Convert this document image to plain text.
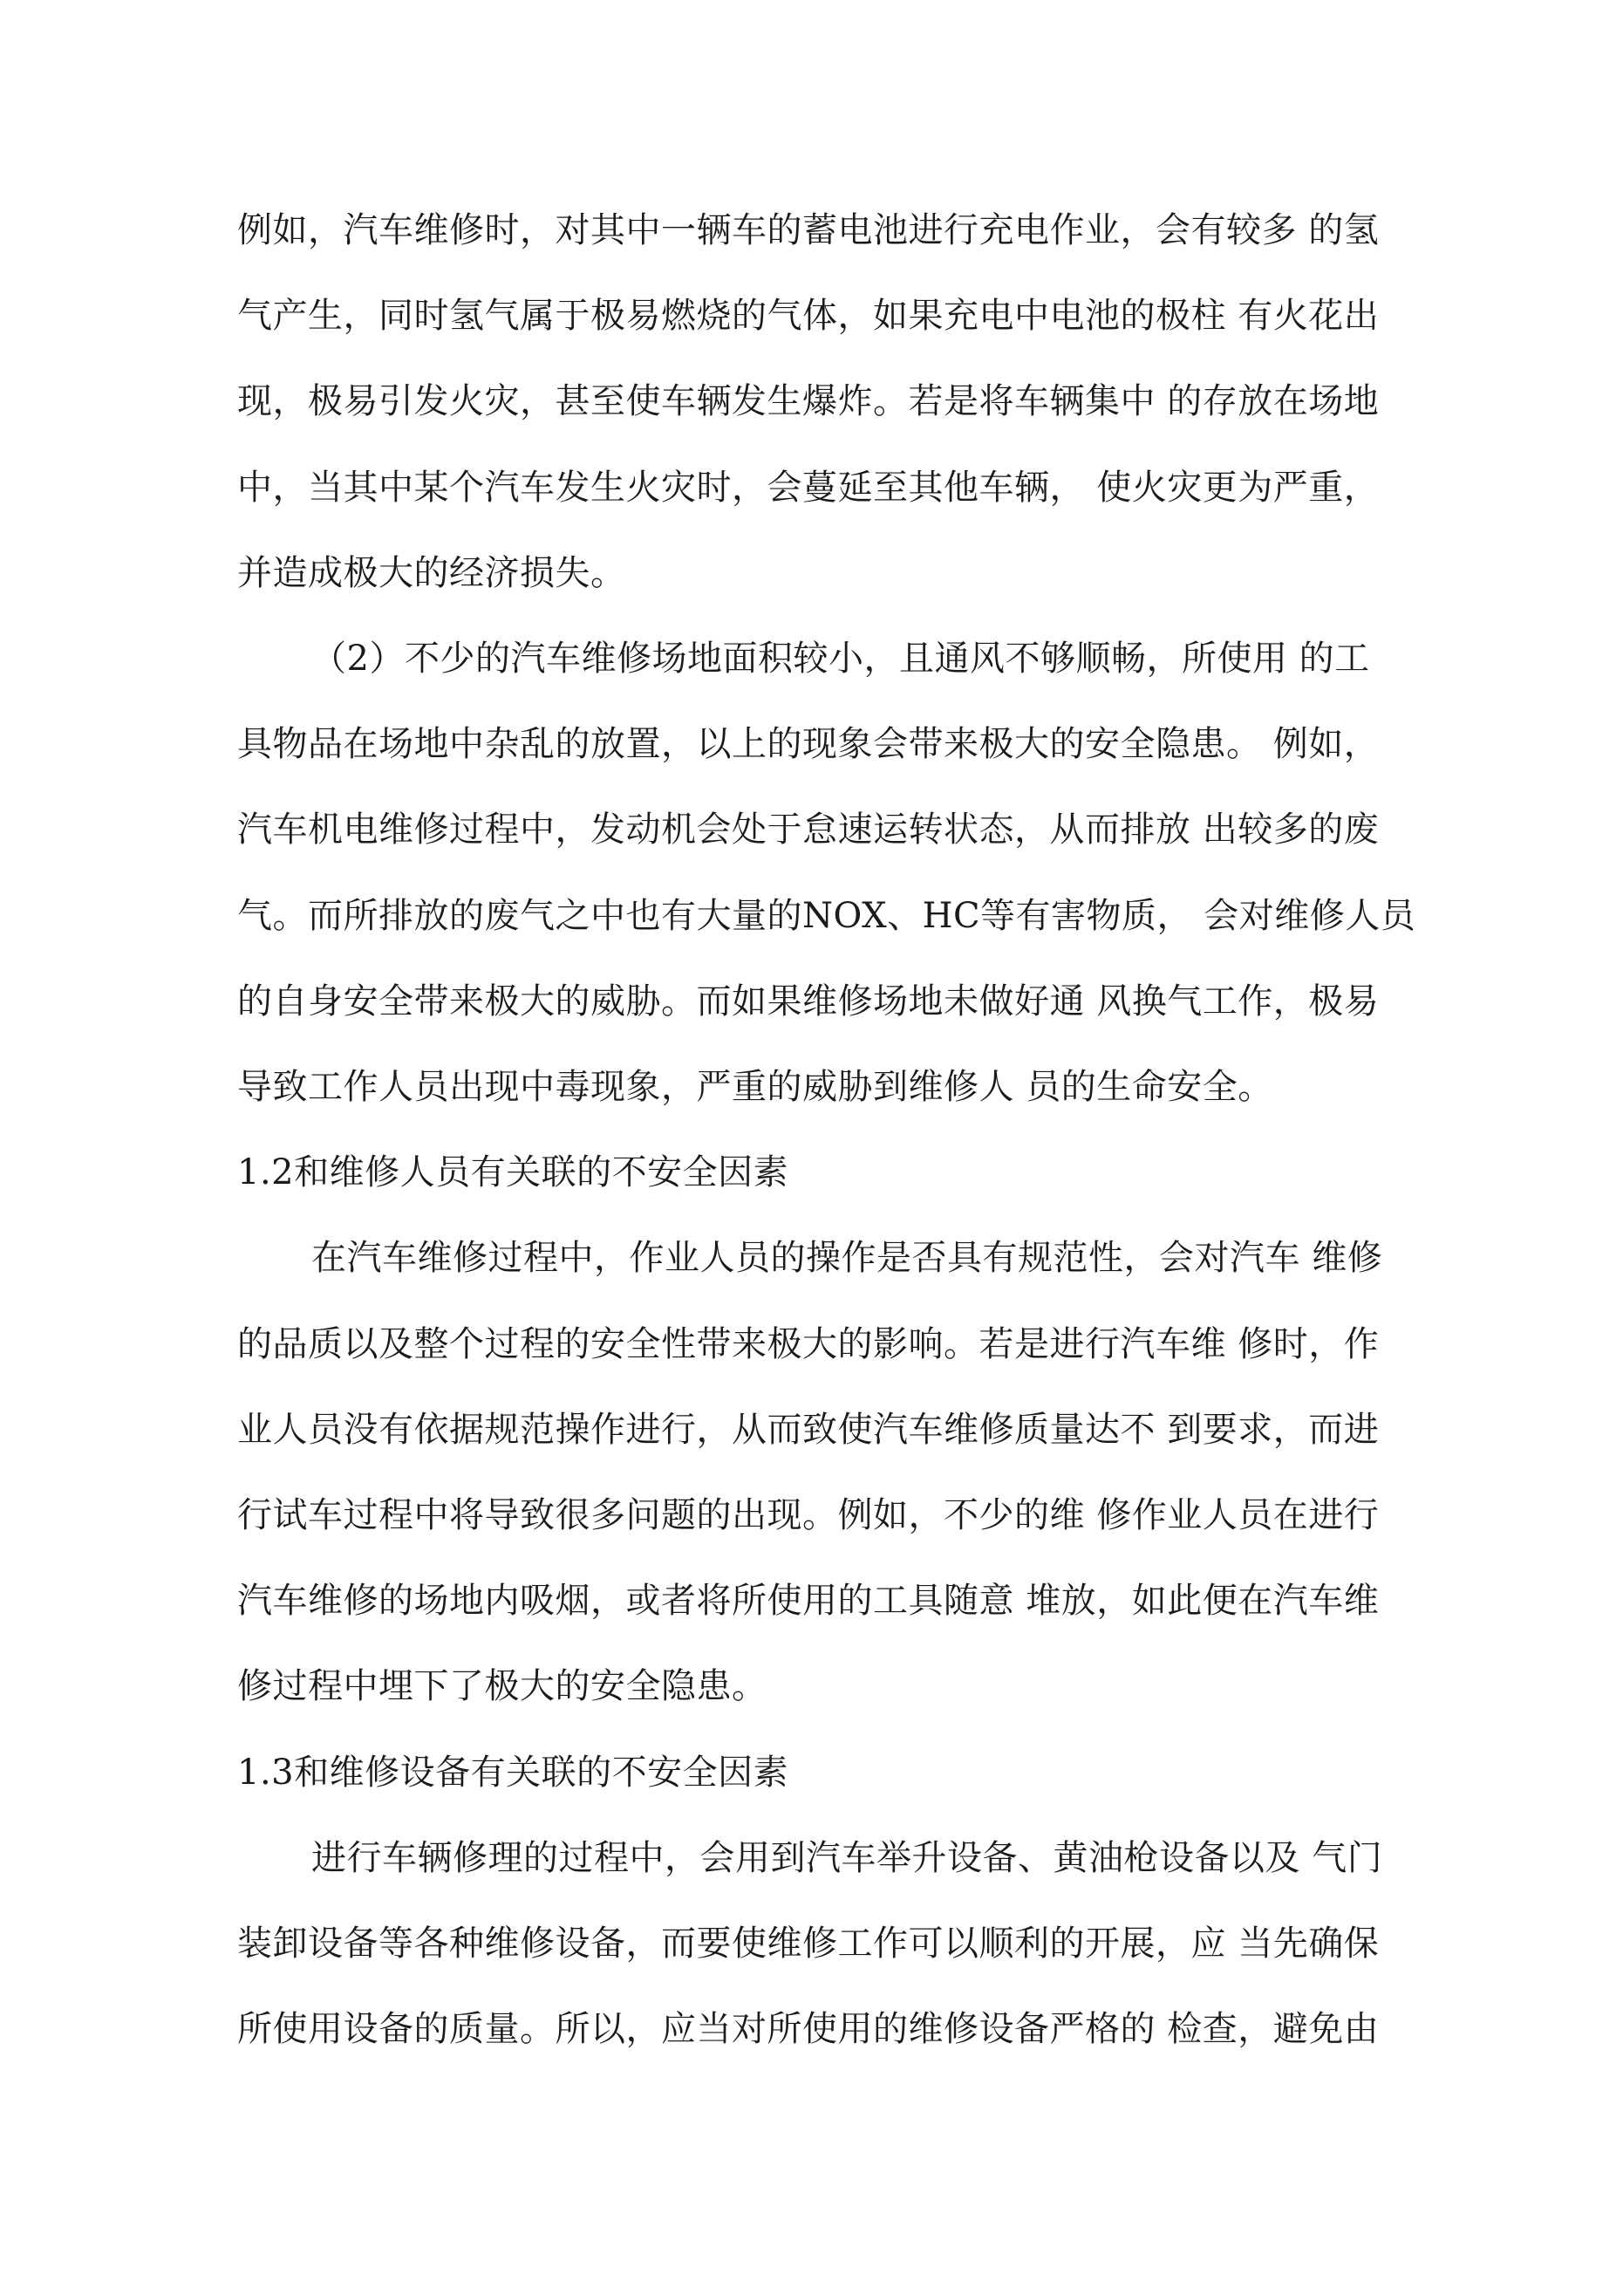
例如，汽车维修时，对其中一辆车的蓄电池进行充电作业，会有较多 的氢
气产生，同时氢气属于极易燃烧的气体，如果充电中电池的极柱 有火花出
现，极易引发火灾，甚至使车辆发生爆炸。若是将车辆集中 的存放在场地
中，当其中某个汽车发生火灾时，会蔓延至其他车辆， 使火灾更为严重，
并造成极大的经济损失。
（2）不少的汽车维修场地面积较小，且通风不够顺畅，所使用 的工
具物品在场地中杂乱的放置，以上的现象会带来极大的安全隐患。 例如，
汽车机电维修过程中，发动机会处于怠速运转状态，从而排放 出较多的废
气。而所排放的废气之中也有大量的NOX、HC等有害物质， 会对维修人员
的自身安全带来极大的威胁。而如果维修场地未做好通 风换气工作，极易
导致工作人员出现中毒现象，严重的威胁到维修人 员的生命安全。
1.2和维修人员有关联的不安全因素
在汽车维修过程中，作业人员的操作是否具有规范性，会对汽车 维修
的品质以及整个过程的安全性带来极大的影响。若是进行汽车维 修时，作
业人员没有依据规范操作进行，从而致使汽车维修质量达不 到要求，而进
行试车过程中将导致很多问题的出现。例如，不少的维 修作业人员在进行
汽车维修的场地内吸烟，或者将所使用的工具随意 堆放，如此便在汽车维
修过程中埋下了极大的安全隐患。
1.3和维修设备有关联的不安全因素
进行车辆修理的过程中，会用到汽车举升设备、黄油枪设备以及 气门
装卸设备等各种维修设备，而要使维修工作可以顺利的开展，应 当先确保
所使用设备的质量。所以，应当对所使用的维修设备严格的 检查，避免由
